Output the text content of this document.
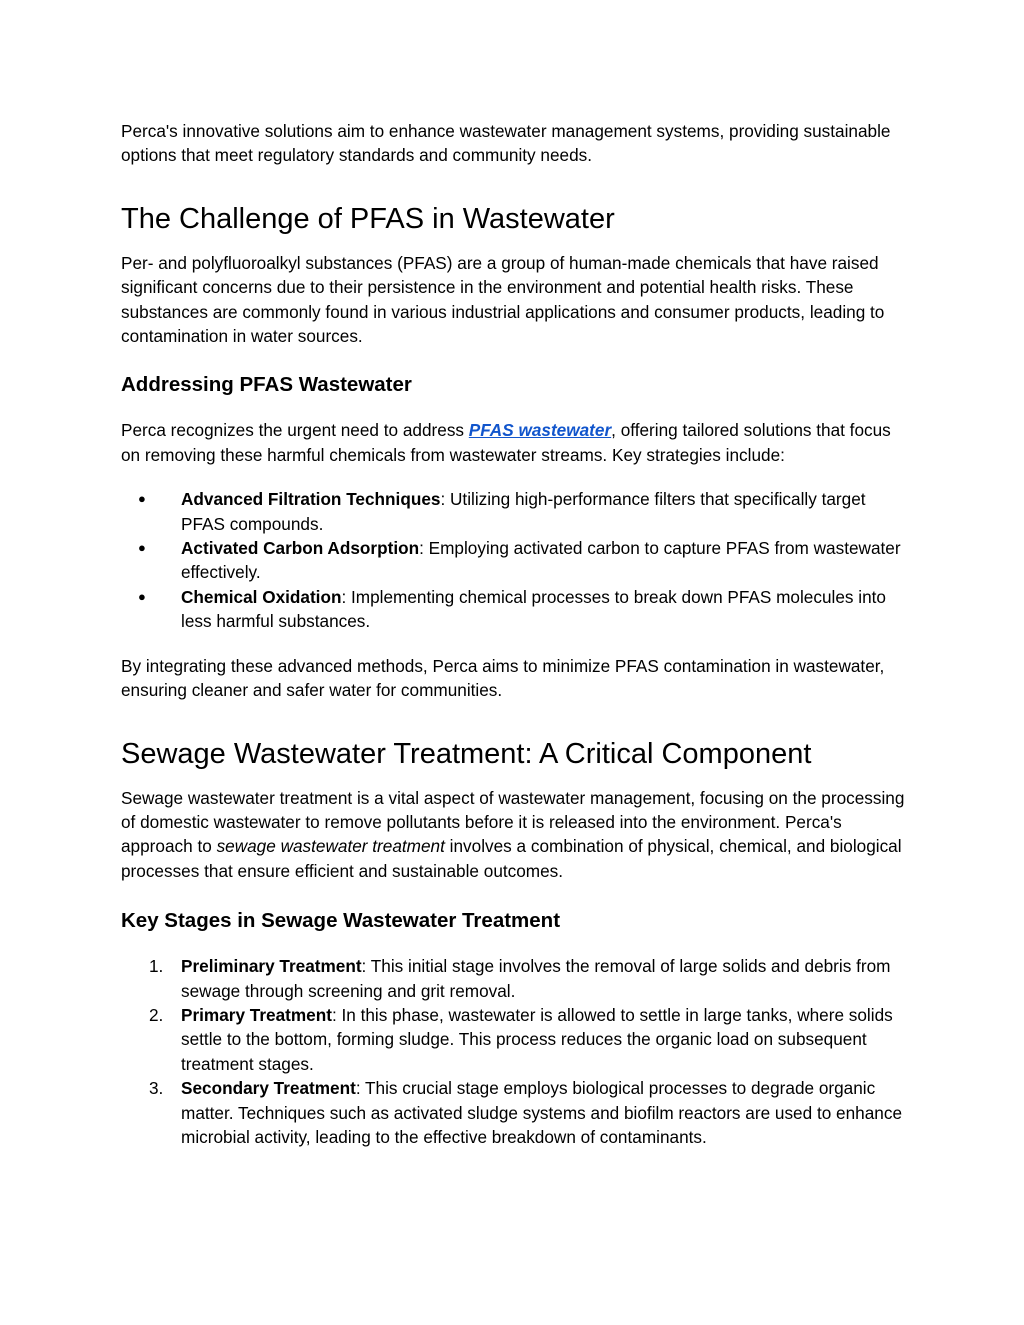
Perca's innovative solutions aim to enhance wastewater management systems, providing sustainable options that meet regulatory standards and community needs.

The Challenge of PFAS in Wastewater

Per- and polyfluoroalkyl substances (PFAS) are a group of human-made chemicals that have raised significant concerns due to their persistence in the environment and potential health risks. These substances are commonly found in various industrial applications and consumer products, leading to contamination in water sources.

Addressing PFAS Wastewater

Perca recognizes the urgent need to address PFAS wastewater, offering tailored solutions that focus on removing these harmful chemicals from wastewater streams. Key strategies include:

● Advanced Filtration Techniques: Utilizing high-performance filters that specifically target PFAS compounds.
● Activated Carbon Adsorption: Employing activated carbon to capture PFAS from wastewater effectively.
● Chemical Oxidation: Implementing chemical processes to break down PFAS molecules into less harmful substances.

By integrating these advanced methods, Perca aims to minimize PFAS contamination in wastewater, ensuring cleaner and safer water for communities.

Sewage Wastewater Treatment: A Critical Component

Sewage wastewater treatment is a vital aspect of wastewater management, focusing on the processing of domestic wastewater to remove pollutants before it is released into the environment. Perca's approach to sewage wastewater treatment involves a combination of physical, chemical, and biological processes that ensure efficient and sustainable outcomes.

Key Stages in Sewage Wastewater Treatment
1. Preliminary Treatment: This initial stage involves the removal of large solids and debris from sewage through screening and grit removal.
2. Primary Treatment: In this phase, wastewater is allowed to settle in large tanks, where solids settle to the bottom, forming sludge. This process reduces the organic load on subsequent treatment stages.
3. Secondary Treatment: This crucial stage employs biological processes to degrade organic matter. Techniques such as activated sludge systems and biofilm reactors are used to enhance microbial activity, leading to the effective breakdown of contaminants.
